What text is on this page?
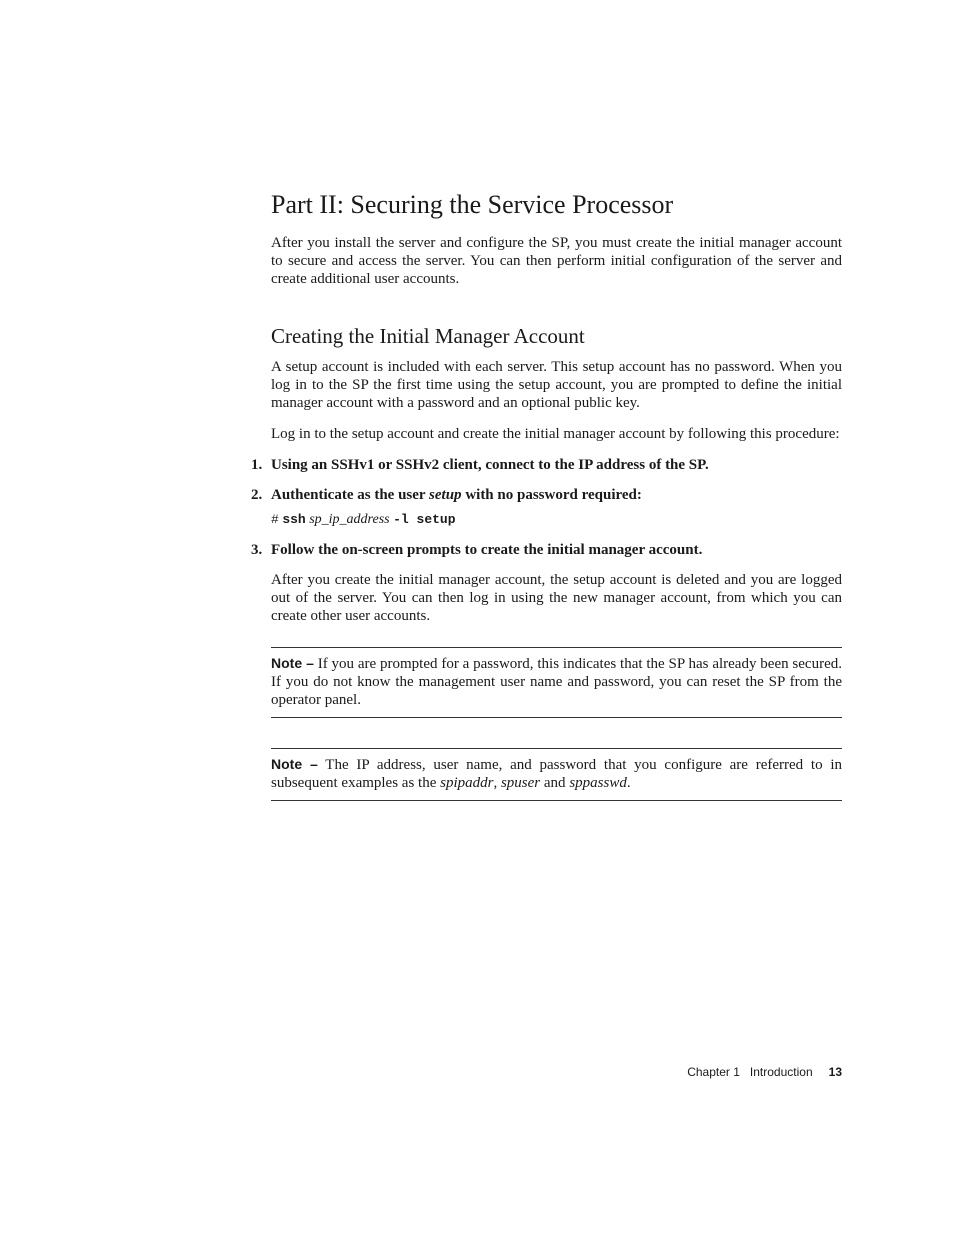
Part II: Securing the Service Processor

After you install the server and configure the SP, you must create the initial manager account to secure and access the server. You can then perform initial configuration of the server and create additional user accounts.

Creating the Initial Manager Account

A setup account is included with each server. This setup account has no password. When you log in to the SP the first time using the setup account, you are prompted to define the initial manager account with a password and an optional public key.

Log in to the setup account and create the initial manager account by following this procedure:

1. Using an SSHv1 or SSHv2 client, connect to the IP address of the SP.
2. Authenticate as the user setup with no password required:
# ssh sp_ip_address -l setup
3. Follow the on-screen prompts to create the initial manager account.

After you create the initial manager account, the setup account is deleted and you are logged out of the server. You can then log in using the new manager account, from which you can create other user accounts.

Note – If you are prompted for a password, this indicates that the SP has already been secured. If you do not know the management user name and password, you can reset the SP from the operator panel.

Note – The IP address, user name, and password that you configure are referred to in subsequent examples as the spipaddr, spuser and sppasswd.

Chapter 1 Introduction 13
